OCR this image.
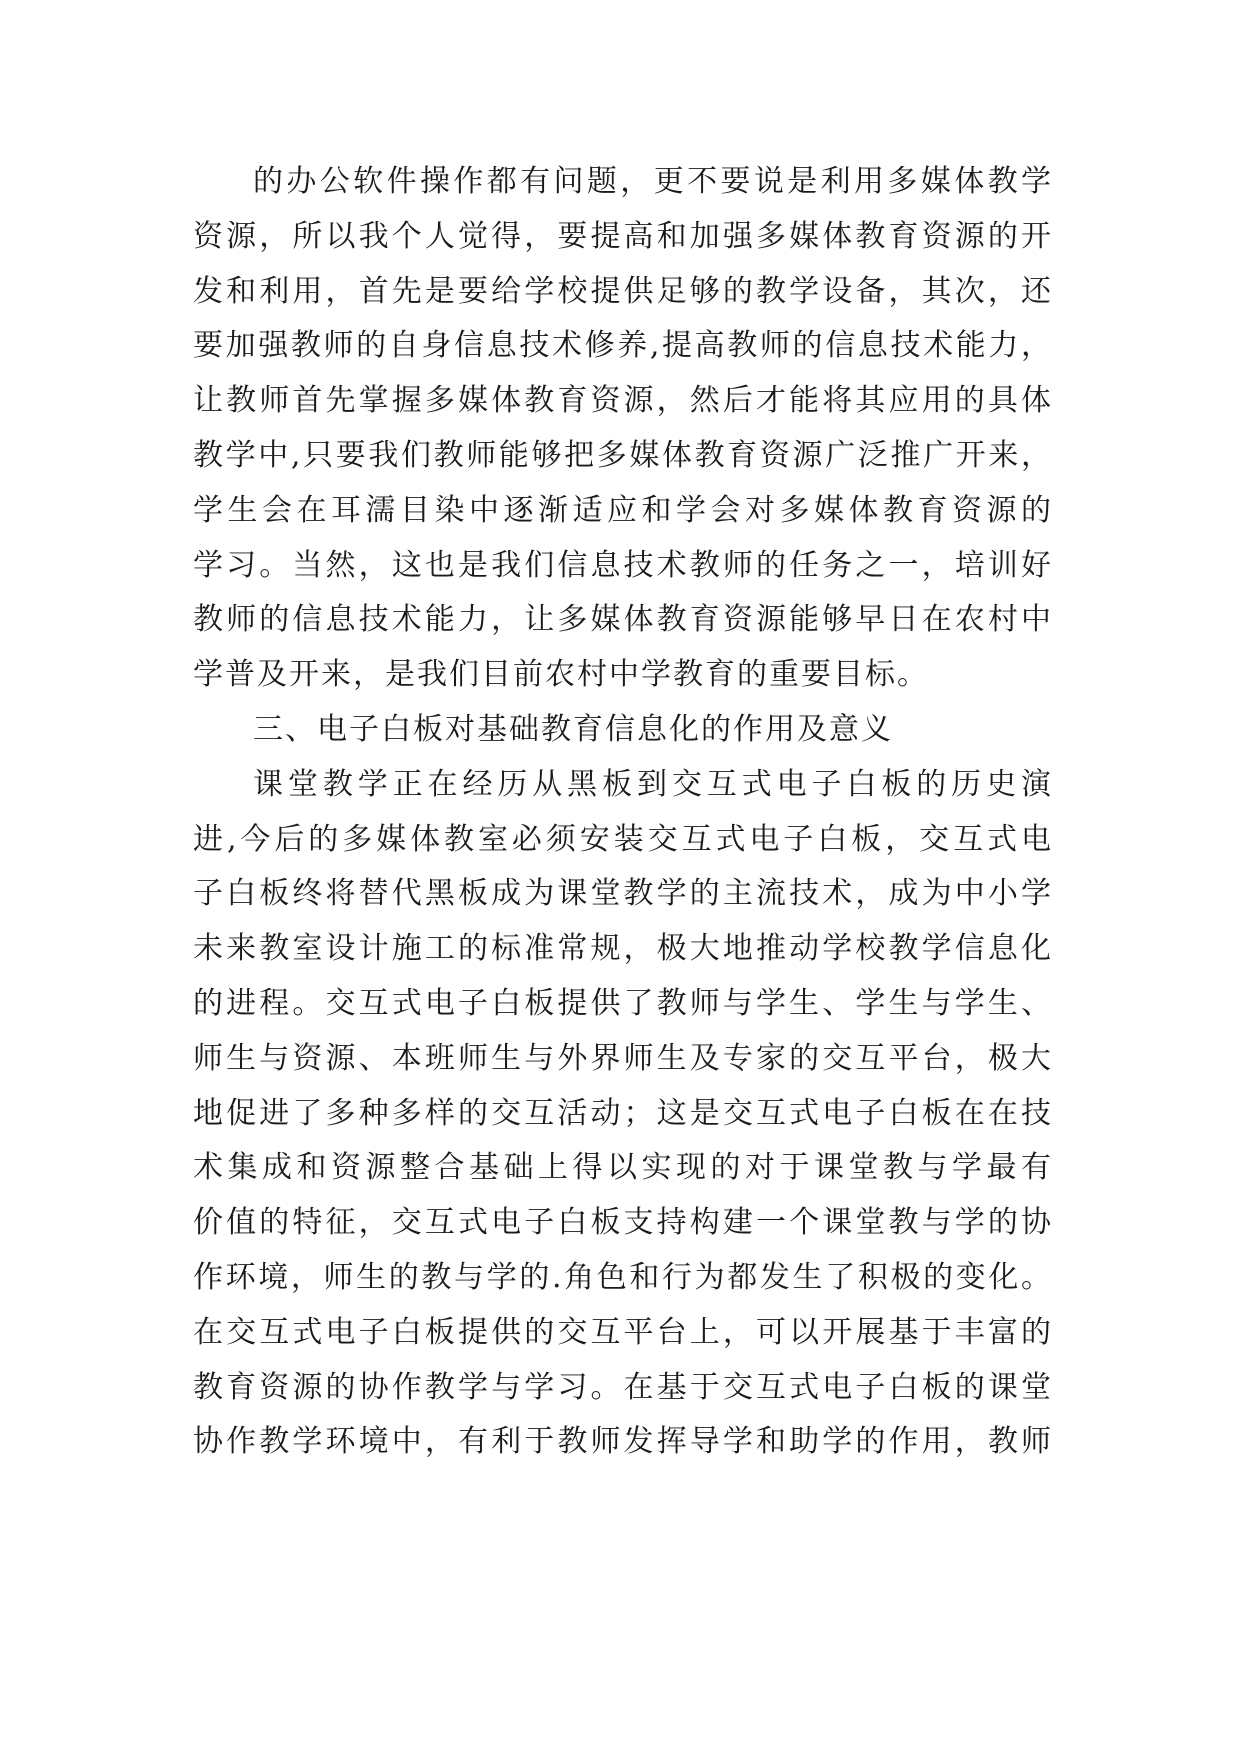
的办公软件操作都有问题，更不要说是利用多媒体教学
资源，所以我个人觉得，要提高和加强多媒体教育资源的开
发和利用，首先是要给学校提供足够的教学设备，其次，还
要加强教师的自身信息技术修养,提高教师的信息技术能力，
让教师首先掌握多媒体教育资源，然后才能将其应用的具体
教学中,只要我们教师能够把多媒体教育资源广泛推广开来，
学生会在耳濡目染中逐渐适应和学会对多媒体教育资源的
学习。当然，这也是我们信息技术教师的任务之一，培训好
教师的信息技术能力，让多媒体教育资源能够早日在农村中
学普及开来，是我们目前农村中学教育的重要目标。
三、电子白板对基础教育信息化的作用及意义
课堂教学正在经历从黑板到交互式电子白板的历史演
进,今后的多媒体教室必须安装交互式电子白板，交互式电
子白板终将替代黑板成为课堂教学的主流技术，成为中小学
未来教室设计施工的标准常规，极大地推动学校教学信息化
的进程。交互式电子白板提供了教师与学生、学生与学生、
师生与资源、本班师生与外界师生及专家的交互平台，极大
地促进了多种多样的交互活动；这是交互式电子白板在在技
术集成和资源整合基础上得以实现的对于课堂教与学最有
价值的特征，交互式电子白板支持构建一个课堂教与学的协
作环境，师生的教与学的.角色和行为都发生了积极的变化。
在交互式电子白板提供的交互平台上，可以开展基于丰富的
教育资源的协作教学与学习。在基于交互式电子白板的课堂
协作教学环境中，有利于教师发挥导学和助学的作用，教师
